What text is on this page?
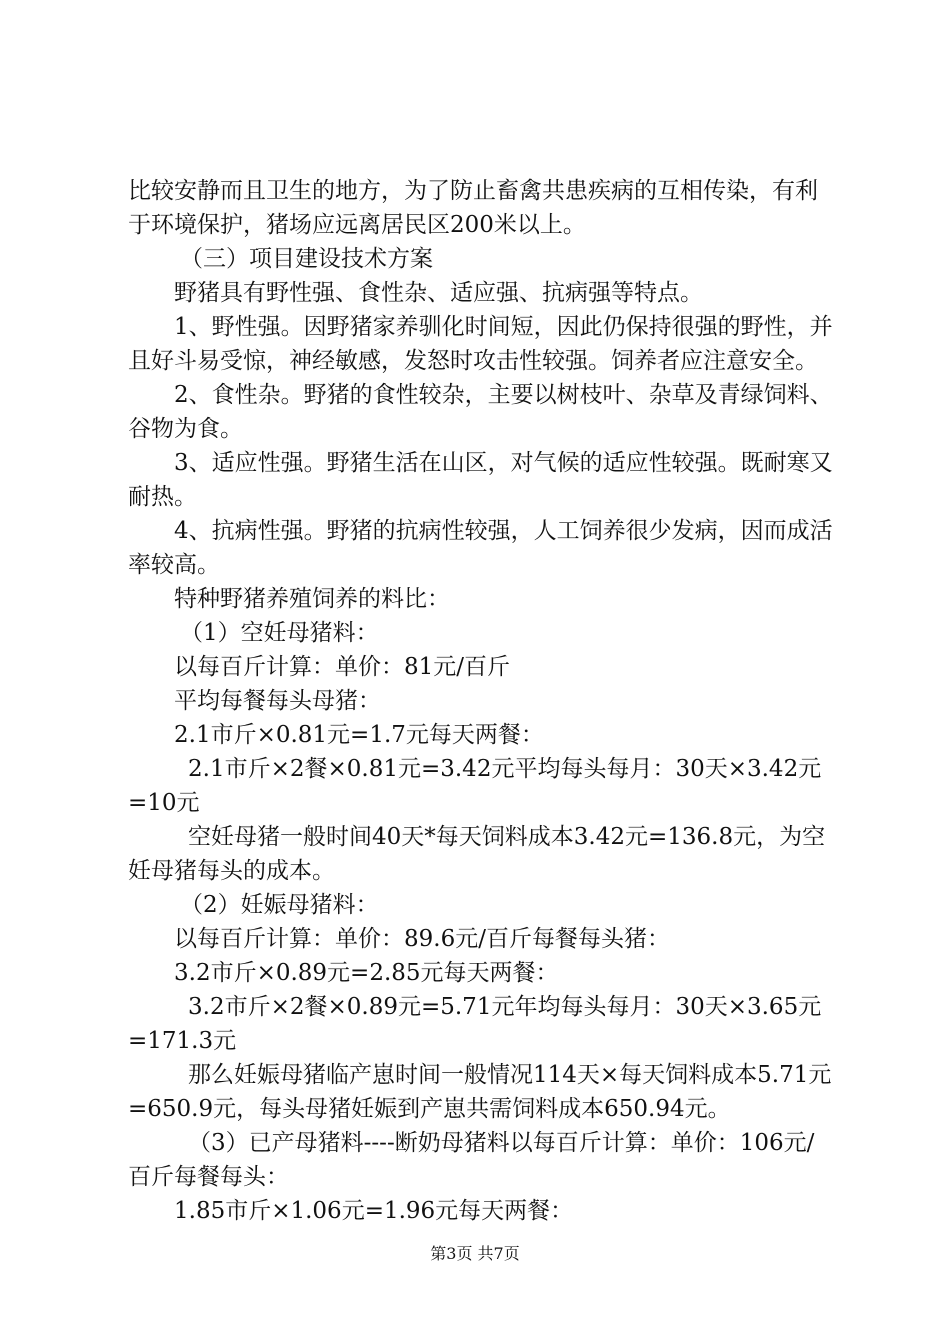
比较安静而且卫生的地方，为了防止畜禽共患疾病的互相传染，有利于环境保护，猪场应远离居民区200米以上。

（三）项目建设技术方案

野猪具有野性强、食性杂、适应强、抗病强等特点。

1、野性强。因野猪家养驯化时间短，因此仍保持很强的野性，并且好斗易受惊，神经敏感，发怒时攻击性较强。饲养者应注意安全。

2、食性杂。野猪的食性较杂，主要以树枝叶、杂草及青绿饲料、谷物为食。

3、适应性强。野猪生活在山区，对气候的适应性较强。既耐寒又耐热。

4、抗病性强。野猪的抗病性较强，人工饲养很少发病，因而成活率较高。

特种野猪养殖饲养的料比：

（1）空妊母猪料：

以每百斤计算：单价：81元/百斤

平均每餐每头母猪：

2.1市斤×0.81元=1.7元每天两餐：

2.1市斤×2餐×0.81元=3.42元平均每头每月：30天×3.42元=10元

空妊母猪一般时间40天*每天饲料成本3.42元=136.8元，为空妊母猪每头的成本。

（2）妊娠母猪料：

以每百斤计算：单价：89.6元/百斤每餐每头猪：

3.2市斤×0.89元=2.85元每天两餐：

3.2市斤×2餐×0.89元=5.71元年均每头每月：30天×3.65元=171.3元

那么妊娠母猪临产崽时间一般情况114天×每天饲料成本5.71元=650.9元，每头母猪妊娠到产崽共需饲料成本650.94元。

（3）已产母猪料----断奶母猪料以每百斤计算：单价：106元/百斤每餐每头：

1.85市斤×1.06元=1.96元每天两餐：

第3页 共7页
